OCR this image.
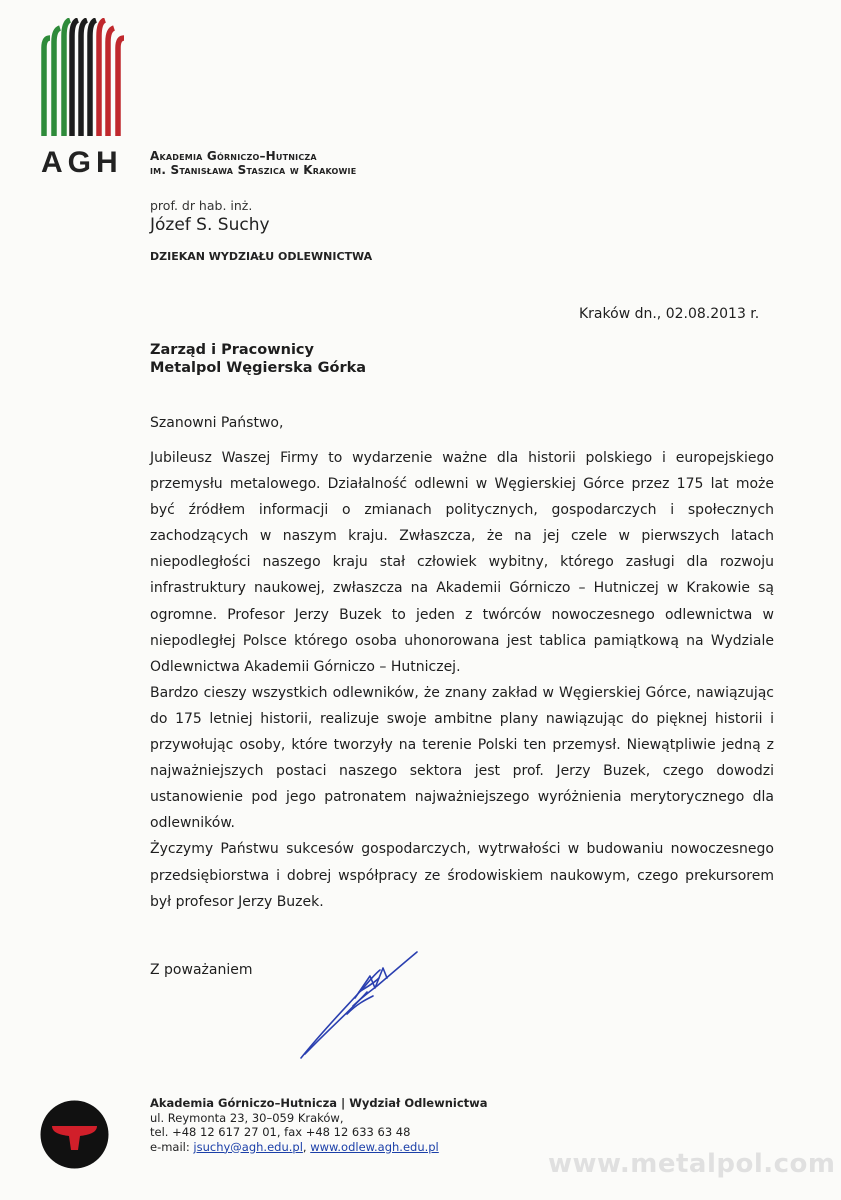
AGH Akademia Górniczo–Hutnicza
im. Stanisława Staszica w Krakowie
prof. dr hab. inż.
Józef S. Suchy
DZIEKAN WYDZIAŁU ODLEWNICTWA
Kraków dn., 02.08.2013 r.
Zarząd i Pracownicy
Metalpol Węgierska Górka
Szanowni Państwo,

Jubileusz Waszej Firmy to wydarzenie ważne dla historii polskiego i europejskiego przemysłu metalowego. Działalność odlewni w Węgierskiej Górce przez 175 lat może być źródłem informacji o zmianach politycznych, gospodarczych i społecznych zachodzących w naszym kraju. Zwłaszcza, że na jej czele w pierwszych latach niepodległości naszego kraju stał człowiek wybitny, którego zasługi dla rozwoju infrastruktury naukowej, zwłaszcza na Akademii Górniczo – Hutniczej w Krakowie są ogromne. Profesor Jerzy Buzek to jeden z twórców nowoczesnego odlewnictwa w niepodległej Polsce którego osoba uhonorowana jest tablica pamiątkową na Wydziale Odlewnictwa Akademii Górniczo – Hutniczej.

Bardzo cieszy wszystkich odlewników, że znany zakład w Węgierskiej Górce, nawiązując do 175 letniej historii, realizuje swoje ambitne plany nawiązując do pięknej historii i przywołując osoby, które tworzyły na terenie Polski ten przemysł. Niewątpliwie jedną z najważniejszych postaci naszego sektora jest prof. Jerzy Buzek, czego dowodzi ustanowienie pod jego patronatem najważniejszego wyróżnienia merytorycznego dla odlewników.

Życzymy Państwu sukcesów gospodarczych, wytrwałości w budowaniu nowoczesnego przedsiębiorstwa i dobrej współpracy ze środowiskiem naukowym, czego prekursorem był profesor Jerzy Buzek.

Z poważaniem
Akademia Górniczo–Hutnicza | Wydział Odlewnictwa
ul. Reymonta 23, 30–059 Kraków,
tel. +48 12 617 27 01, fax +48 12 633 63 48
e-mail: jsuchy@agh.edu.pl, www.odlew.agh.edu.pl
www.metalpol.com
